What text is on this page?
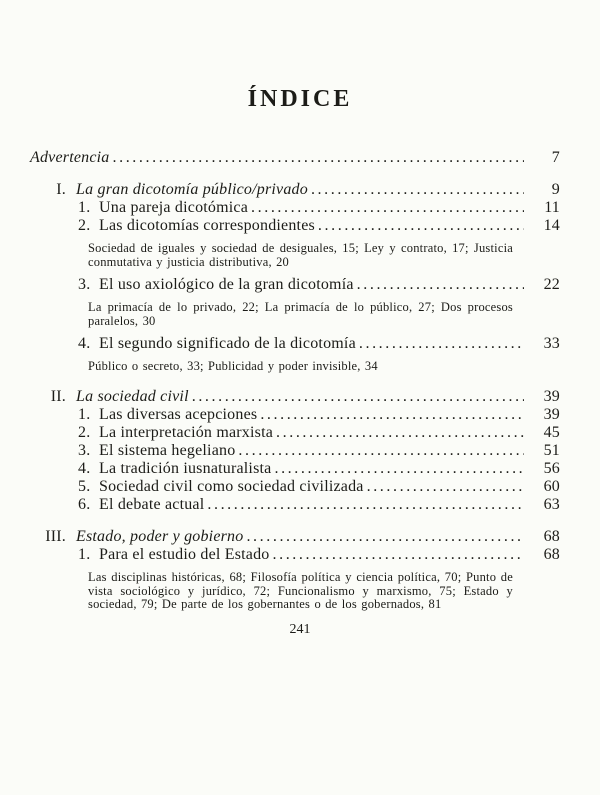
ÍNDICE
Advertencia .....	7
I. La gran dicotomía público/privado .....	9
1. Una pareja dicotómica .....	11
2. Las dicotomías correspondientes .....	14

Sociedad de iguales y sociedad de desiguales, 15; Ley y contrato, 17; Justicia conmutativa y justicia distributiva, 20

3. El uso axiológico de la gran dicotomía .....	22

La primacía de lo privado, 22; La primacía de lo público, 27; Dos procesos paralelos, 30

4. El segundo significado de la dicotomía .....	33

Público o secreto, 33; Publicidad y poder invisible, 34

II. La sociedad civil .....	39
1. Las diversas acepciones .....	39
2. La interpretación marxista .....	45
3. El sistema hegeliano .....	51
4. La tradición iusnaturalista .....	56
5. Sociedad civil como sociedad civilizada .....	60
6. El debate actual .....	63
III. Estado, poder y gobierno .....	68
1. Para el estudio del Estado .....	68

Las disciplinas históricas, 68; Filosofía política y ciencia política, 70; Punto de vista sociológico y jurídico, 72; Funcionalismo y marxismo, 75; Estado y sociedad, 79; De parte de los gobernantes o de los gobernados, 81

241
